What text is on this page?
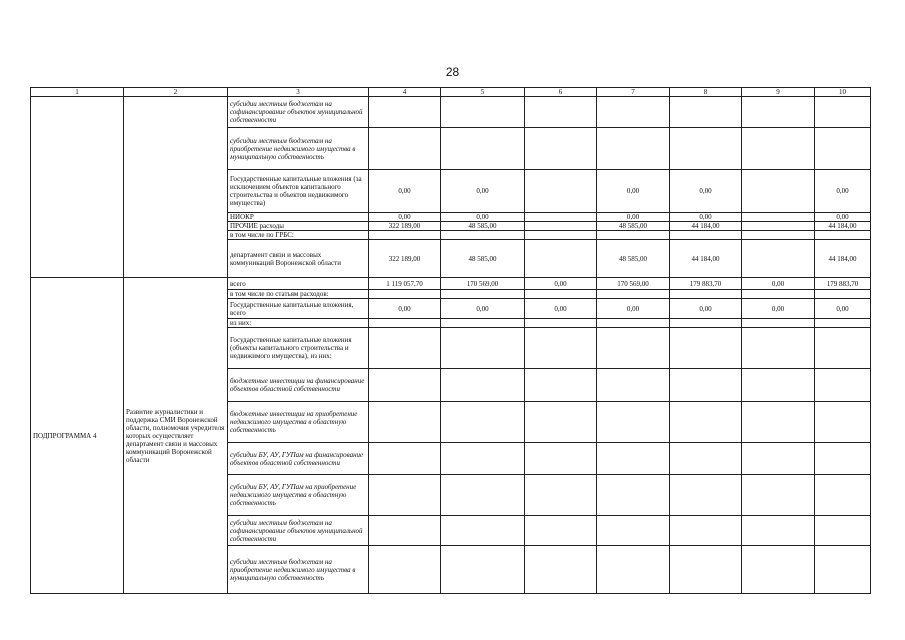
28
1	2	3	4	5	6	7	8	9	10
		субсидии местным бюджетам на софинансирование объектов муниципальной собственности							
		субсидии местным бюджетам на приобретение недвижимого имущества в муниципальную собственность							
		Государственные капитальные вложения (за исключением объектов капитального строительства и объектов недвижимого имущества)	0,00	0,00		0,00	0,00		0,00
		НИОКР	0,00	0,00		0,00	0,00		0,00
		ПРОЧИЕ расходы	322 189,00	48 585,00		48 585,00	44 184,00		44 184,00
		в том числе по ГРБС:							
		департамент связи и массовых коммуникаций Воронежской области	322 189,00	48 585,00		48 585,00	44 184,00		44 184,00
ПОДПРОГРАММА 4	Развитие журналистики и поддержка СМИ Воронежской области, полномочия учредителя которых осуществляет департамент связи и массовых коммуникаций Воронежской области	всего	1 119 057,70	170 569,00	0,00	170 569,00	179 883,70	0,00	179 883,70
		в том числе по статьям расходов:							
		Государственные капитальные вложения, всего	0,00	0,00	0,00	0,00	0,00	0,00	0,00
		из них:							
		Государственные капитальные вложения (объекты капитального строительства и недвижимого имущества), из них:							
		бюджетные инвестиции на финансирование объектов областной собственности							
		бюджетные инвестиции на приобретение недвижимого имущества в областную собственность							
		субсидии БУ, АУ, ГУПам на финансирование объектов областной собственности							
		субсидии БУ, АУ, ГУПам на приобретение недвижимого имущества в областную собственность							
		субсидии местным бюджетам на софинансирование объектов муниципальной собственности							
		субсидии местным бюджетам на приобретение недвижимого имущества в муниципальную собственность							
